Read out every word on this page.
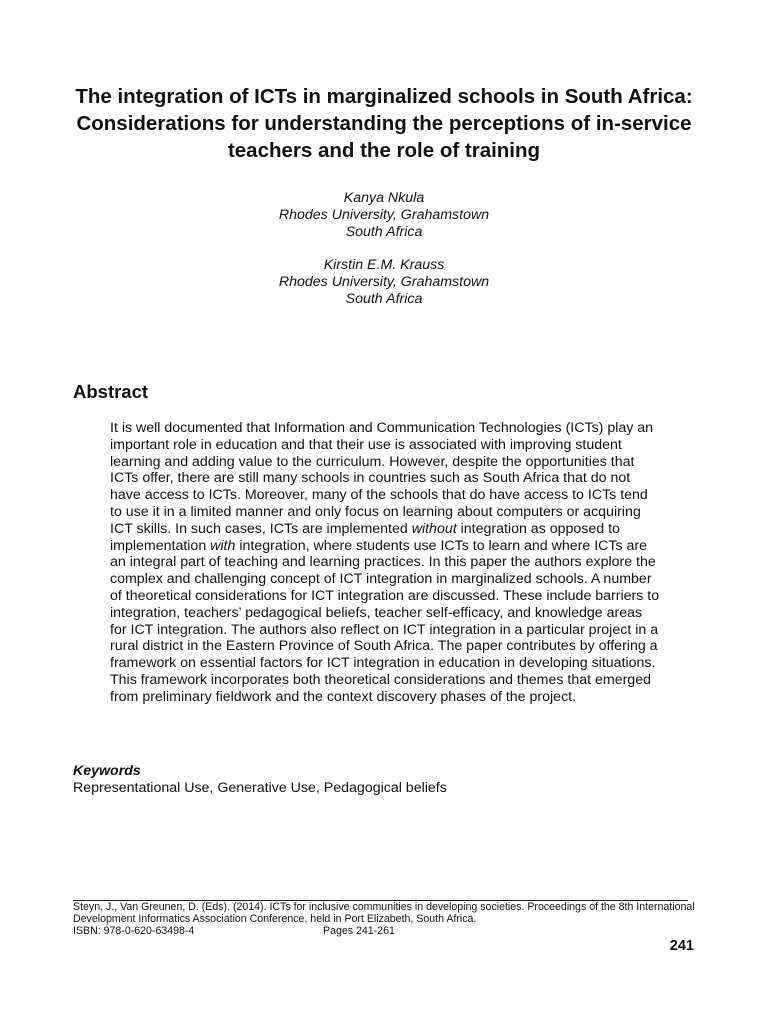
The integration of ICTs in marginalized schools in South Africa: Considerations for understanding the perceptions of in-service teachers and the role of training
Kanya Nkula
Rhodes University, Grahamstown
South Africa
Kirstin E.M. Krauss
Rhodes University, Grahamstown
South Africa
Abstract

It is well documented that Information and Communication Technologies (ICTs) play an important role in education and that their use is associated with improving student learning and adding value to the curriculum. However, despite the opportunities that ICTs offer, there are still many schools in countries such as South Africa that do not have access to ICTs. Moreover, many of the schools that do have access to ICTs tend to use it in a limited manner and only focus on learning about computers or acquiring ICT skills. In such cases, ICTs are implemented without integration as opposed to implementation with integration, where students use ICTs to learn and where ICTs are an integral part of teaching and learning practices. In this paper the authors explore the complex and challenging concept of ICT integration in marginalized schools. A number of theoretical considerations for ICT integration are discussed. These include barriers to integration, teachers’ pedagogical beliefs, teacher self-efficacy, and knowledge areas for ICT integration. The authors also reflect on ICT integration in a particular project in a rural district in the Eastern Province of South Africa. The paper contributes by offering a framework on essential factors for ICT integration in education in developing situations. This framework incorporates both theoretical considerations and themes that emerged from preliminary fieldwork and the context discovery phases of the project.

Keywords

Representational Use, Generative Use, Pedagogical beliefs

Steyn, J., Van Greunen, D. (Eds). (2014). ICTs for inclusive communities in developing societies. Proceedings of the 8th International Development Informatics Association Conference, held in Port Elizabeth, South Africa.

ISBN: 978-0-620-63498-4	Pages 241-261

241
